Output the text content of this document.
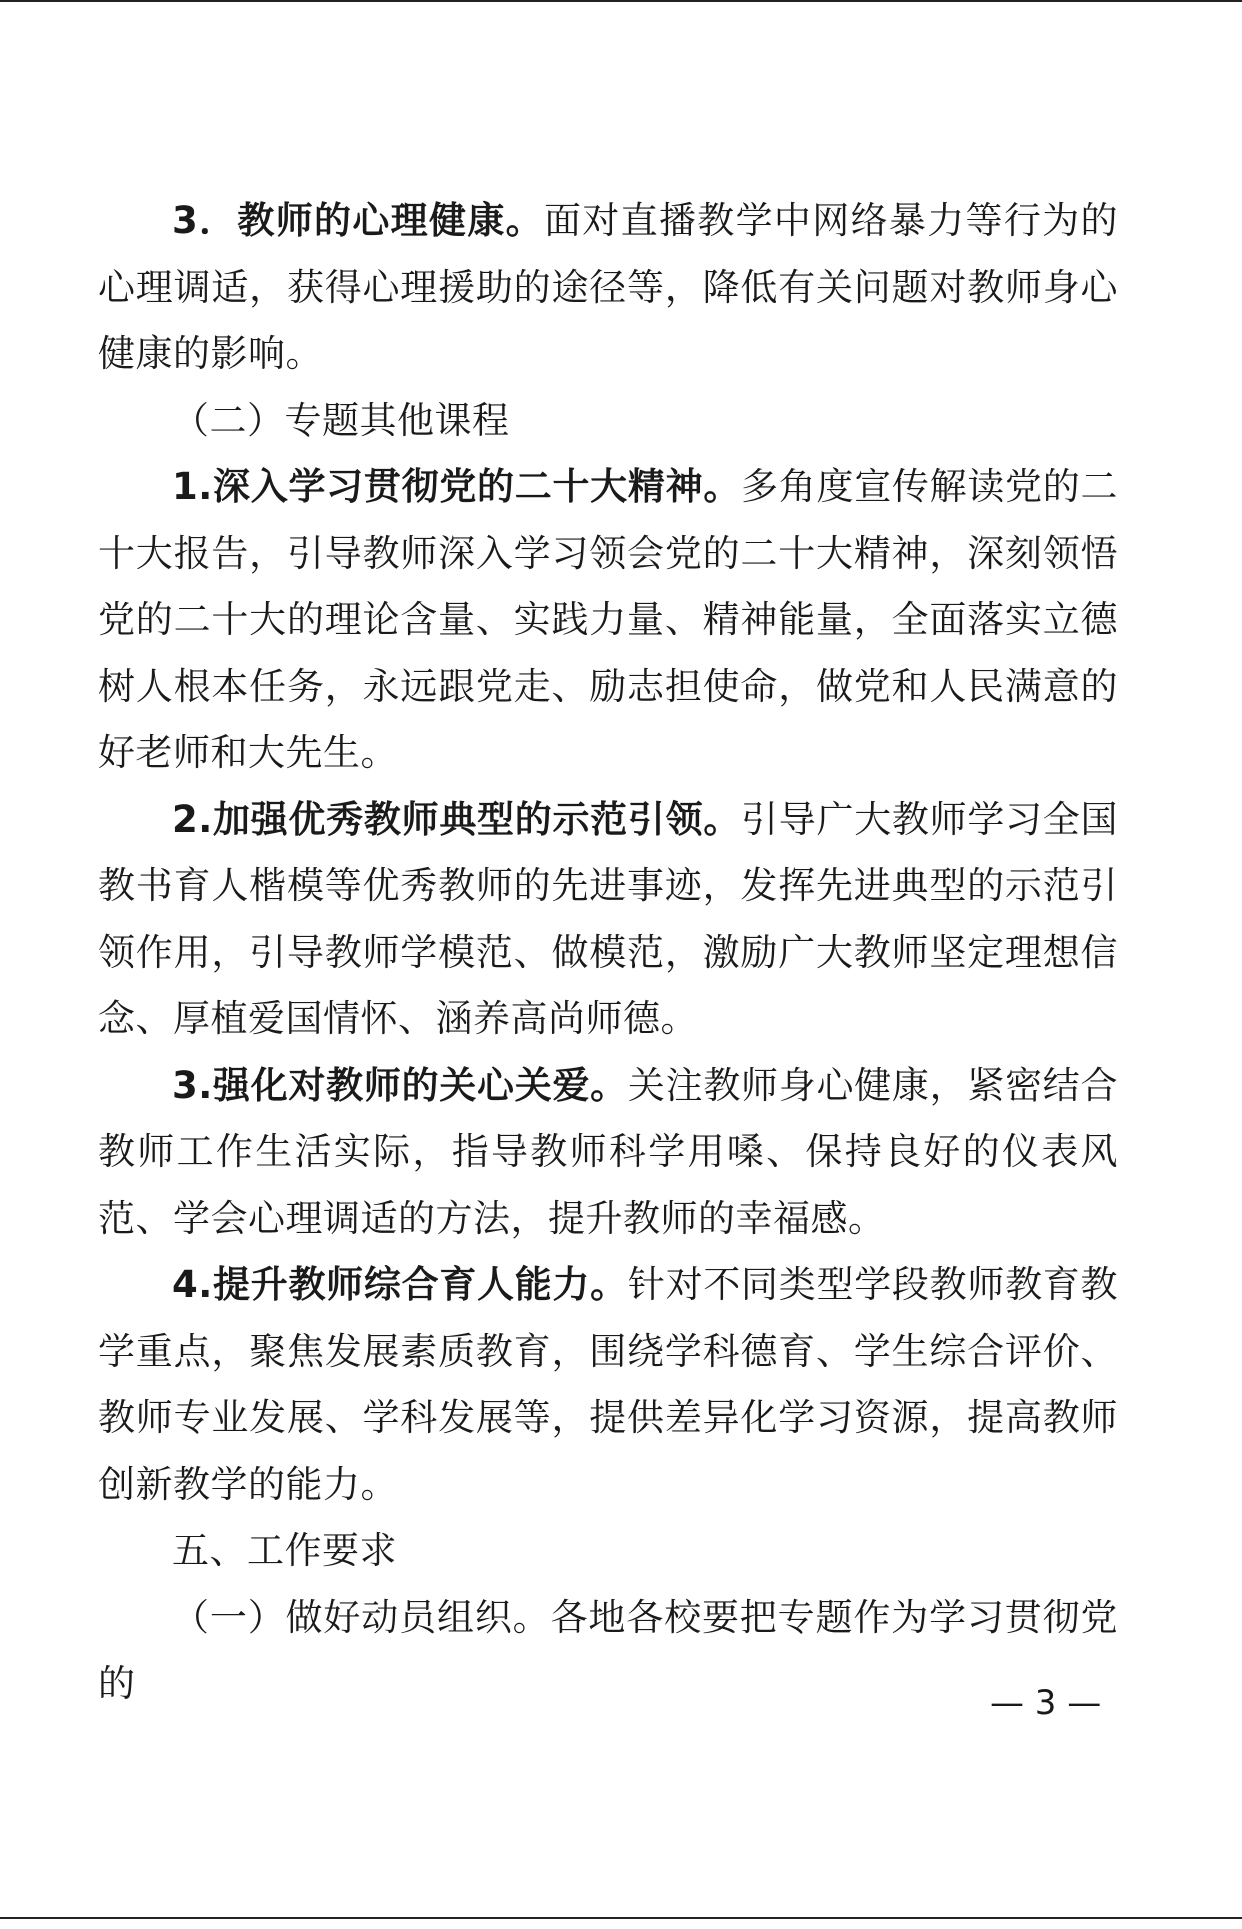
3．教师的心理健康。面对直播教学中网络暴力等行为的心理调适，获得心理援助的途径等，降低有关问题对教师身心健康的影响。

（二）专题其他课程

1.深入学习贯彻党的二十大精神。多角度宣传解读党的二十大报告，引导教师深入学习领会党的二十大精神，深刻领悟党的二十大的理论含量、实践力量、精神能量，全面落实立德树人根本任务，永远跟党走、励志担使命，做党和人民满意的好老师和大先生。

2.加强优秀教师典型的示范引领。引导广大教师学习全国教书育人楷模等优秀教师的先进事迹，发挥先进典型的示范引领作用，引导教师学模范、做模范，激励广大教师坚定理想信念、厚植爱国情怀、涵养高尚师德。

3.强化对教师的关心关爱。关注教师身心健康，紧密结合教师工作生活实际，指导教师科学用嗓、保持良好的仪表风范、学会心理调适的方法，提升教师的幸福感。

4.提升教师综合育人能力。针对不同类型学段教师教育教学重点，聚焦发展素质教育，围绕学科德育、学生综合评价、教师专业发展、学科发展等，提供差异化学习资源，提高教师创新教学的能力。

五、工作要求

（一）做好动员组织。各地各校要把专题作为学习贯彻党的	— 3 —
